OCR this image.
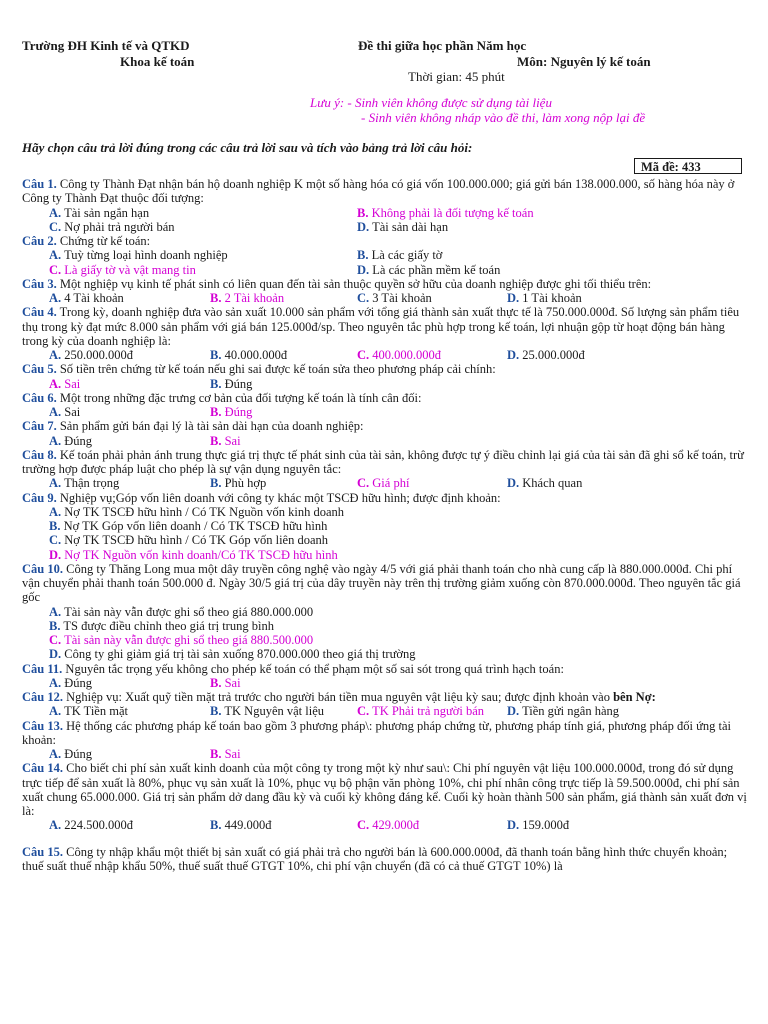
Trường ĐH Kinh tế và QTKD
Khoa kế toán
Đề thi giữa học phần Năm học
Môn: Nguyên lý kế toán
Thời gian: 45 phút
Lưu ý: - Sinh viên không được sử dụng tài liệu
- Sinh viên không nháp vào đề thi, làm xong nộp lại đề
Hãy chọn câu trả lời đúng trong các câu trả lời sau và tích vào bảng trả lời câu hỏi:
Mã đề: 433
Câu 1. Công ty Thành Đạt nhận bán hộ doanh nghiệp K một số hàng hóa có giá vốn 100.000.000; giá gửi bán 138.000.000, số hàng hóa này ở Công ty Thành Đạt thuộc đối tượng:
A. Tài sản ngắn hạn	B. Không phải là đối tượng kế toán
C. Nợ phải trả người bán	D. Tài sản dài hạn
Câu 2. Chứng từ kế toán:
A. Tuỳ từng loại hình doanh nghiệp	B. Là các giấy tờ
C. Là giấy tờ và vật mang tin	D. Là các phần mềm kế toán
Câu 3. Một nghiệp vụ kinh tế phát sinh có liên quan đến tài sản thuộc quyền sở hữu của doanh nghiệp được ghi tối thiểu trên:
A. 4 Tài khoản	B. 2 Tài khoản	C. 3 Tài khoản	D. 1 Tài khoản
Câu 4. Trong kỳ, doanh nghiệp đưa vào sản xuất 10.000 sản phẩm với tổng giá thành sản xuất thực tế là 750.000.000đ. Số lượng sản phẩm tiêu thụ trong kỳ đạt mức 8.000 sản phẩm với giá bán 125.000đ/sp. Theo nguyên tắc phù hợp trong kế toán, lợi nhuận gộp từ hoạt động bán hàng trong kỳ của doanh nghiệp là:
A. 250.000.000đ	B. 40.000.000đ	C. 400.000.000đ	D. 25.000.000đ
Câu 5. Số tiền trên chứng từ kế toán nếu ghi sai được kế toán sửa theo phương pháp cải chính:
A. Sai	B. Đúng
Câu 6. Một trong những đặc trưng cơ bản của đối tượng kế toán là tính cân đối:
A. Sai	B. Đúng
Câu 7. Sản phẩm gửi bán đại lý là tài sản dài hạn của doanh nghiệp:
A. Đúng	B. Sai
Câu 8. Kế toán phải phản ánh trung thực giá trị thực tế phát sinh của tài sản, không được tự ý điều chỉnh lại giá của tài sản đã ghi sổ kế toán, trừ trường hợp được pháp luật cho phép là sự vận dụng nguyên tắc:
A. Thận trọng	B. Phù hợp	C. Giá phí	D. Khách quan
Câu 9. Nghiệp vụ;Góp vốn liên doanh với công ty khác một TSCĐ hữu hình; được định khoản:
A. Nợ TK TSCĐ hữu hình / Có TK Nguồn vốn kinh doanh
B. Nợ TK Góp vốn liên doanh / Có TK TSCĐ hữu hình
C. Nợ TK TSCĐ hữu hình / Có TK Góp vốn liên doanh
D. Nợ TK Nguồn vốn kinh doanh/Có TK TSCĐ hữu hình
Câu 10. Công ty Thăng Long mua một dây truyền công nghệ vào ngày 4/5 với giá phải thanh toán cho nhà cung cấp là 880.000.000đ. Chi phí vận chuyển phải thanh toán 500.000 đ. Ngày 30/5 giá trị của dây truyền này trên thị trường giảm xuống còn 870.000.000đ. Theo nguyên tắc giá gốc
A. Tài sản này vẫn được ghi sổ theo giá 880.000.000
B. TS được điều chỉnh theo giá trị trung bình
C. Tài sản này vẫn được ghi sổ theo giá 880.500.000
D. Công ty ghi giảm giá trị tài sản xuống 870.000.000 theo giá thị trường
Câu 11. Nguyên tắc trọng yếu không cho phép kế toán có thể phạm một số sai sót trong quá trình hạch toán:
A. Đúng	B. Sai
Câu 12. Nghiệp vụ: Xuất quỹ tiền mặt trả trước cho người bán tiền mua nguyên vật liệu kỳ sau; được định khoản vào bên Nợ:
A. TK Tiền mặt	B. TK Nguyên vật liệu	C. TK Phải trả người bán D. Tiền gửi ngân hàng
Câu 13. Hệ thống các phương pháp kế toán bao gồm 3 phương pháp\: phương pháp chứng từ, phương pháp tính giá, phương pháp đối ứng tài khoản:
A. Đúng	B. Sai
Câu 14. Cho biết chi phí sản xuất kinh doanh của một công ty trong một kỳ như sau\: Chi phí nguyên vật liệu 100.000.000đ, trong đó sử dụng trực tiếp để sản xuất là 80%, phục vụ sản xuất là 10%, phục vụ bộ phận văn phòng 10%, chi phí nhân công trực tiếp là 59.500.000đ, chi phí sản xuất chung 65.000.000. Giá trị sản phẩm dở dang đầu kỳ và cuối kỳ không đáng kể. Cuối kỳ hoàn thành 500 sản phẩm, giá thành sản xuất đơn vị là:
A. 224.500.000đ	B. 449.000đ	C. 429.000đ	D. 159.000đ
Câu 15. Công ty nhập khẩu một thiết bị sản xuất có giá phải trả cho người bán là 600.000.000đ, đã thanh toán bằng hình thức chuyển khoản; thuế suất thuế nhập khẩu 50%, thuế suất thuế GTGT 10%, chi phí vận chuyển (đã có cả thuế GTGT 10%) là
